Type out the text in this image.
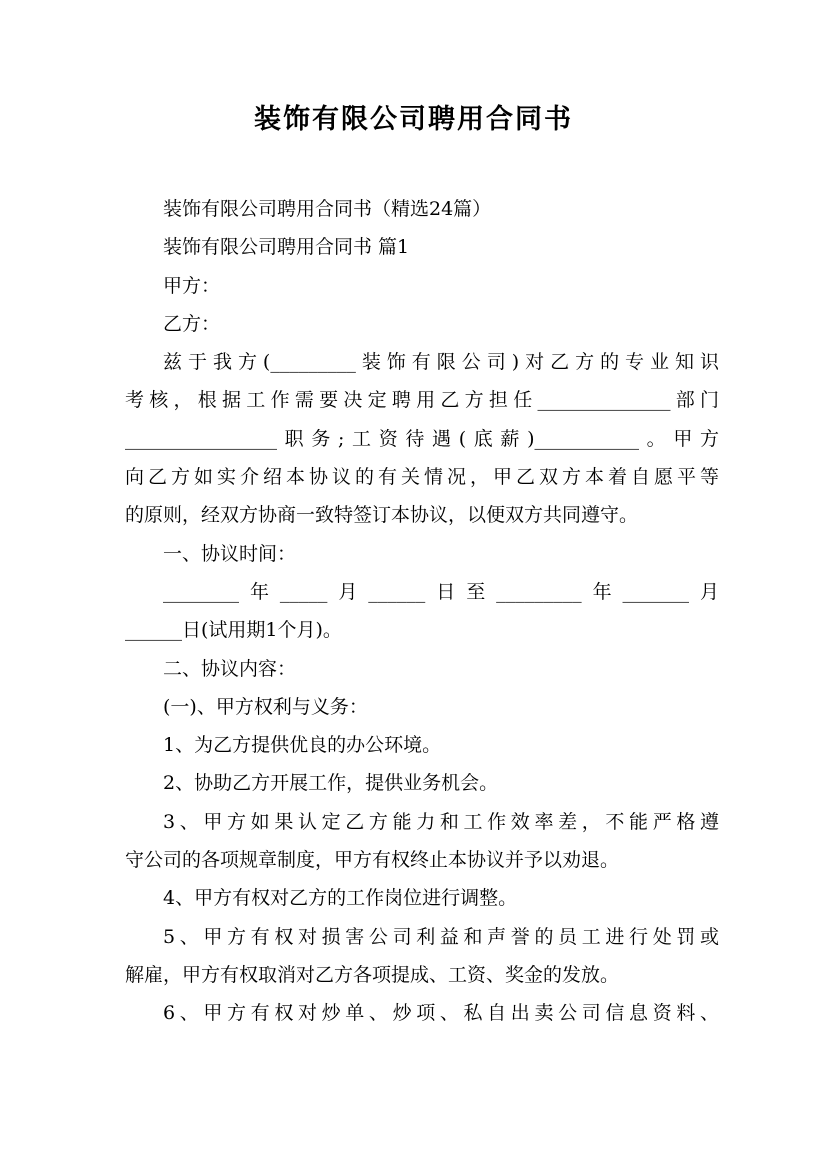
装饰有限公司聘用合同书
装饰有限公司聘用合同书（精选24篇）
装饰有限公司聘用合同书 篇1
甲方：
乙方：
兹于我方(_________装饰有限公司)对乙方的专业知识
考核，根据工作需要决定聘用乙方担任______________部门
________________职务;工资待遇(底薪)___________。甲方
向乙方如实介绍本协议的有关情况，甲乙双方本着自愿平等
的原则，经双方协商一致特签订本协议，以便双方共同遵守。
一、协议时间：
________年_____月______日至_________年_______月
______日(试用期1个月)。
二、协议内容：
(一)、甲方权利与义务：
1、为乙方提供优良的办公环境。
2、协助乙方开展工作，提供业务机会。
3、甲方如果认定乙方能力和工作效率差，不能严格遵
守公司的各项规章制度，甲方有权终止本协议并予以劝退。
4、甲方有权对乙方的工作岗位进行调整。
5、甲方有权对损害公司利益和声誉的员工进行处罚或
解雇，甲方有权取消对乙方各项提成、工资、奖金的发放。
6、甲方有权对炒单、炒项、私自出卖公司信息资料、
